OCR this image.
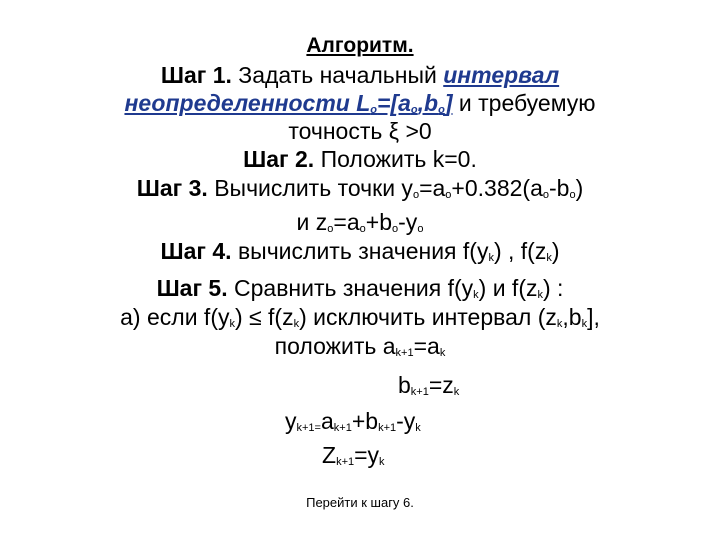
Алгоритм.
Шаг 1. Задать начальный интервал
неопределенности Lo=[ao,bo] и требуемую
точность ξ >0
Шаг 2. Положить k=0.
Шаг 3. Вычислить точки yo=ao+0.382(ao-bo)
и zo=ao+bo-yo
Шаг 4. вычислить значения f(yk) , f(zk)
Шаг 5. Сравнить значения f(yk) и f(zk) :
а) если f(yk) ≤ f(zk) исключить интервал (zk,bk],
положить ak+1=ak
bk+1=zk
yk+1=ak+1+bk+1-yk
Zk+1=yk
Перейти к шагу 6.
